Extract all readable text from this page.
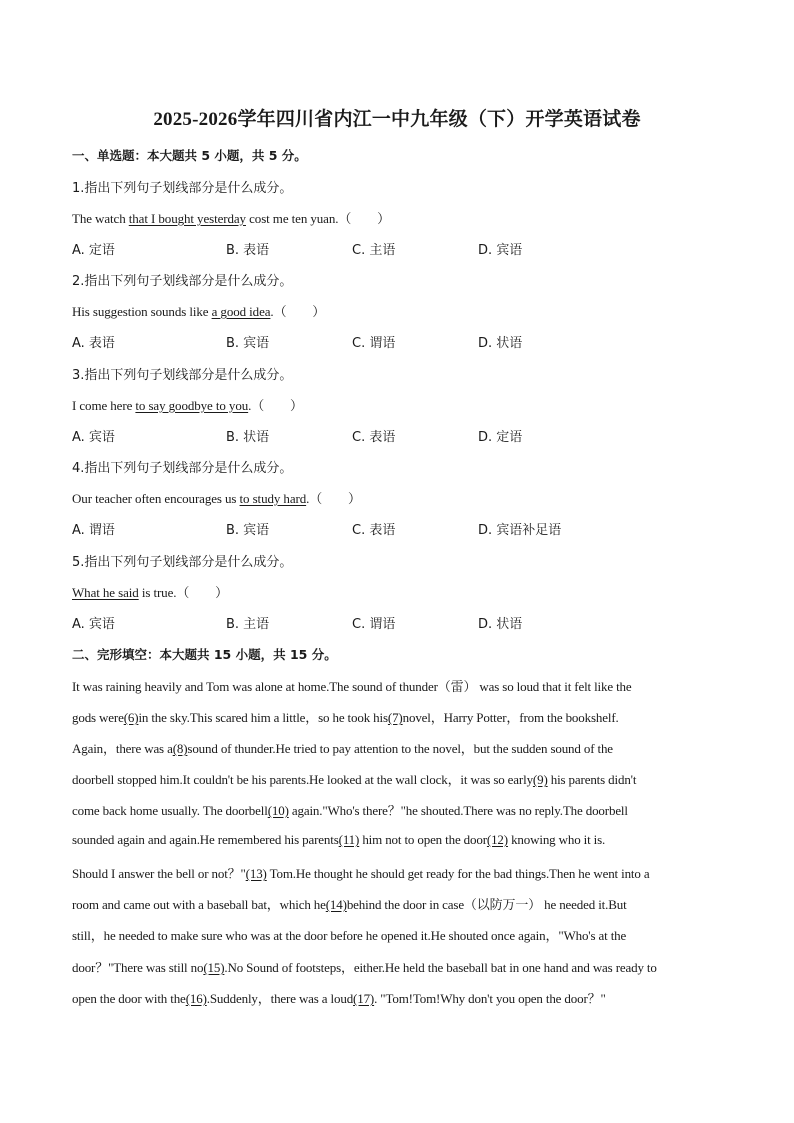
2025-2026学年四川省内江一中九年级（下）开学英语试卷
一、单选题：本大题共 5 小题，共 5 分。
1.指出下列句子划线部分是什么成分。
The watch that I bought yesterday cost me ten yuan.（　　）
A. 定语	B. 表语	C. 主语	D. 宾语
2.指出下列句子划线部分是什么成分。
His suggestion sounds like a good idea.（　　）
A. 表语	B. 宾语	C. 谓语	D. 状语
3.指出下列句子划线部分是什么成分。
I come here to say goodbye to you.（　　）
A. 宾语	B. 状语	C. 表语	D. 定语
4.指出下列句子划线部分是什么成分。
Our teacher often encourages us to study hard.（　　）
A. 谓语	B. 宾语	C. 表语	D. 宾语补足语
5.指出下列句子划线部分是什么成分。
What he said is true.（　　）
A. 宾语	B. 主语	C. 谓语	D. 状语
二、完形填空：本大题共 15 小题，共 15 分。
It was raining heavily and Tom was alone at home.The sound of thunder（雷） was so loud that it felt like the
gods were(6)in the sky.This scared him a little，so he took his(7)novel，Harry Potter，from the bookshelf.
Again，there was a(8)sound of thunder.He tried to pay attention to the novel，but the sudden sound of the
doorbell stopped him.It couldn't be his parents.He looked at the wall clock，it was so early(9) his parents didn't
come back home usually. The doorbell(10) again."Who's there？"he shouted.There was no reply.The doorbell
sounded again and again.He remembered his parents(11) him not to open the door(12) knowing who it is.
Should I answer the bell or not？"(13) Tom.He thought he should get ready for the bad things.Then he went into a
room and came out with a baseball bat，which he(14)behind the door in case（以防万一） he needed it.But
still，he needed to make sure who was at the door before he opened it.He shouted once again，"Who's at the
door？"There was still no(15).No Sound of footsteps，either.He held the baseball bat in one hand and was ready to
open the door with the(16).Suddenly，there was a loud(17). "Tom!Tom!Why don't you open the door？"
